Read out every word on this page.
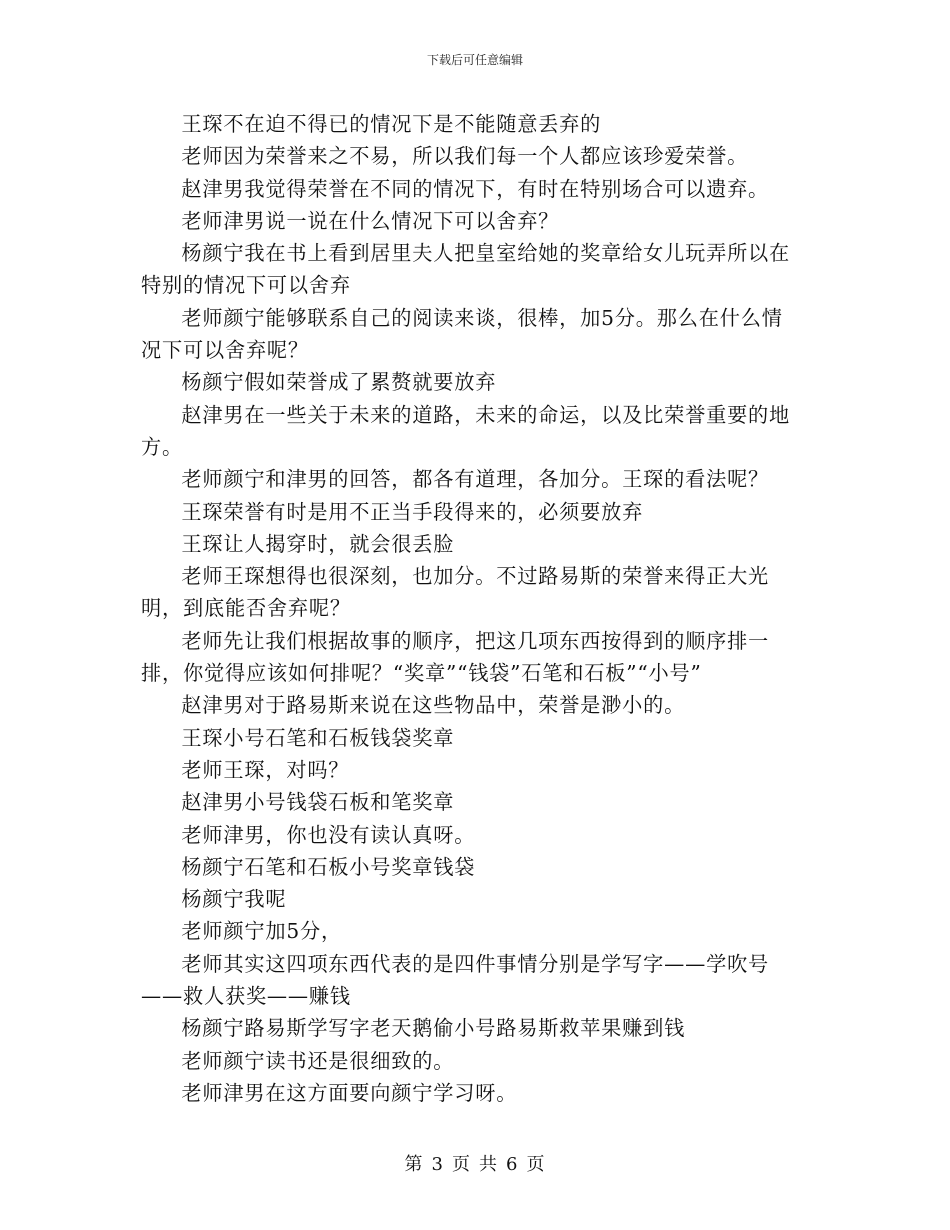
下载后可任意编辑

王琛不在迫不得已的情况下是不能随意丢弃的

老师因为荣誉来之不易，所以我们每一个人都应该珍爱荣誉。

赵津男我觉得荣誉在不同的情况下，有时在特别场合可以遗弃。

老师津男说一说在什么情况下可以舍弃？

杨颜宁我在书上看到居里夫人把皇室给她的奖章给女儿玩弄所以在特别的情况下可以舍弃

老师颜宁能够联系自己的阅读来谈，很棒，加5分。那么在什么情况下可以舍弃呢？

杨颜宁假如荣誉成了累赘就要放弃

赵津男在一些关于未来的道路，未来的命运，以及比荣誉重要的地方。

老师颜宁和津男的回答，都各有道理，各加分。王琛的看法呢？

王琛荣誉有时是用不正当手段得来的，必须要放弃

王琛让人揭穿时，就会很丢脸

老师王琛想得也很深刻，也加分。不过路易斯的荣誉来得正大光明，到底能否舍弃呢？

老师先让我们根据故事的顺序，把这几项东西按得到的顺序排一排，你觉得应该如何排呢？“奖章”“钱袋”石笔和石板”“小号”

赵津男对于路易斯来说在这些物品中，荣誉是渺小的。

王琛小号石笔和石板钱袋奖章

老师王琛，对吗？

赵津男小号钱袋石板和笔奖章

老师津男，你也没有读认真呀。

杨颜宁石笔和石板小号奖章钱袋

杨颜宁我呢

老师颜宁加5分，

老师其实这四项东西代表的是四件事情分别是学写字——学吹号——救人获奖——赚钱

杨颜宁路易斯学写字老天鹅偷小号路易斯救苹果赚到钱

老师颜宁读书还是很细致的。

老师津男在这方面要向颜宁学习呀。

第 3 页 共 6 页
